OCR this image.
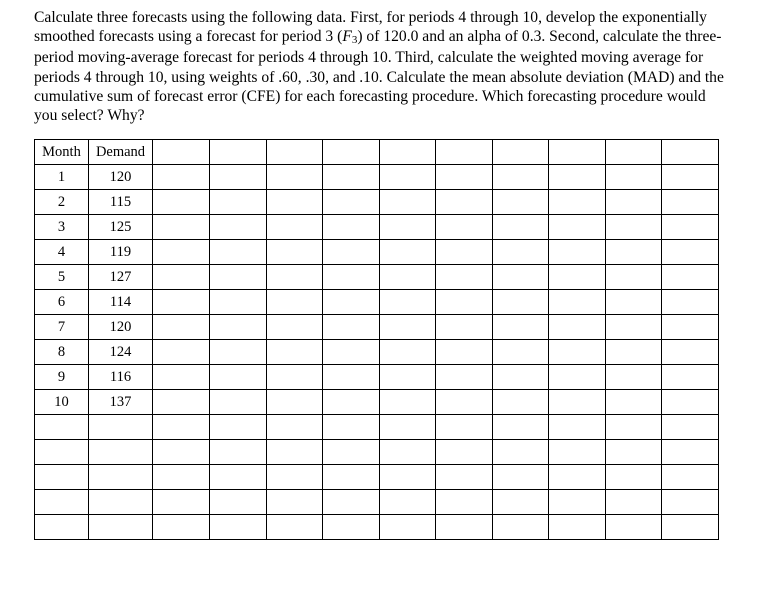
Calculate three forecasts using the following data. First, for periods 4 through 10, develop the exponentially smoothed forecasts using a forecast for period 3 $(F_3)$ of 120.0 and an alpha of 0.3. Second, calculate the three-period moving-average forecast for periods 4 through 10. Third, calculate the weighted moving average for periods 4 through 10, using weights of .60, .30, and .10. Calculate the mean absolute deviation (MAD) and the cumulative sum of forecast error (CFE) for each forecasting procedure. Which forecasting procedure would you select? Why?

Month	Demand										
1	120										
2	115										
3	125										
4	119										
5	127										
6	114										
7	120										
8	124										
9	116										
10	137										
